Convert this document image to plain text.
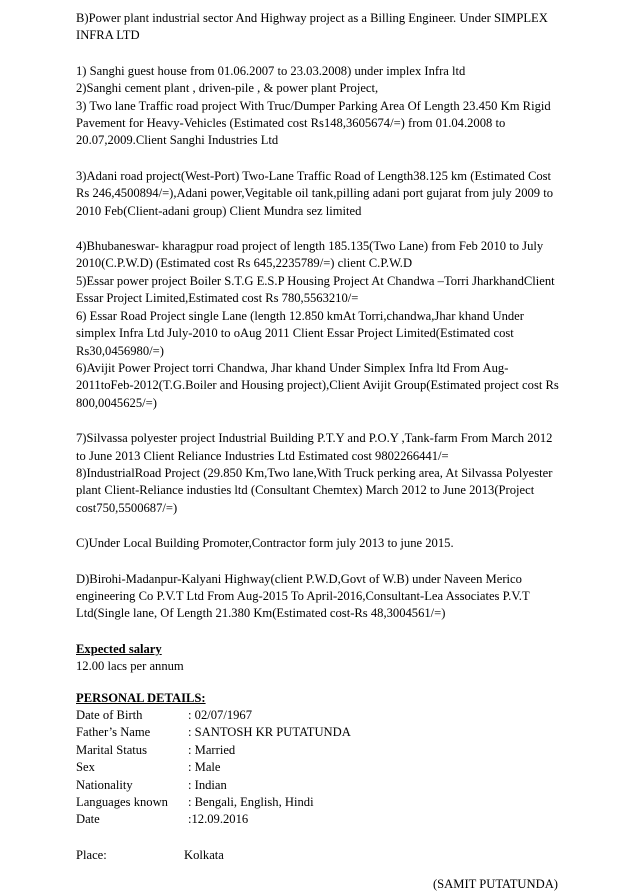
B)Power plant industrial sector And Highway project as a Billing Engineer. Under SIMPLEX INFRA LTD

1) Sanghi guest house from 01.06.2007 to 23.03.2008) under implex Infra ltd

2)Sanghi cement plant , driven-pile , & power plant Project,

3) Two lane Traffic road project With Truc/Dumper Parking Area Of Length 23.450 Km Rigid Pavement for Heavy-Vehicles (Estimated cost Rs148,3605674/=) from 01.04.2008 to 20.07,2009.Client Sanghi Industries Ltd

3)Adani road project(West-Port) Two-Lane Traffic Road of Length38.125 km (Estimated Cost Rs 246,4500894/=),Adani power,Vegitable oil tank,pilling adani port gujarat from july 2009 to 2010 Feb(Client-adani group) Client Mundra sez limited

4)Bhubaneswar- kharagpur road project of length 185.135(Two Lane) from Feb 2010 to July 2010(C.P.W.D) (Estimated cost Rs 645,2235789/=) client C.P.W.D

5)Essar power project Boiler S.T.G E.S.P Housing Project At Chandwa –Torri JharkhandClient Essar Project Limited,Estimated cost Rs 780,5563210/=

6) Essar Road Project single Lane (length 12.850 kmAt Torri,chandwa,Jhar khand Under simplex Infra Ltd July-2010 to oAug 2011 Client Essar Project Limited(Estimated cost Rs30,0456980/=)

6)Avijit Power Project torri Chandwa, Jhar khand Under Simplex Infra ltd From Aug-2011toFeb-2012(T.G.Boiler and Housing project),Client Avijit Group(Estimated project cost Rs 800,0045625/=)

7)Silvassa polyester project Industrial Building P.T.Y and P.O.Y ,Tank-farm From March 2012 to June 2013 Client Reliance Industries Ltd Estimated cost 9802266441/=

8)IndustrialRoad Project (29.850 Km,Two lane,With Truck perking area, At Silvassa Polyester plant Client-Reliance industies ltd (Consultant Chemtex) March 2012 to June 2013(Project cost750,5500687/=)

C)Under Local Building Promoter,Contractor form july 2013 to june 2015.

D)Birohi-Madanpur-Kalyani Highway(client P.W.D,Govt of W.B) under Naveen Merico engineering Co P.V.T Ltd From Aug-2015 To April-2016,Consultant-Lea Associates P.V.T Ltd(Single lane, Of Length 21.380 Km(Estimated cost-Rs 48,3004561/=)

Expected salary

12.00 lacs per annum

PERSONAL DETAILS:

Date of Birth	: 02/07/1967
Father’s Name	: SANTOSH KR PUTATUNDA
Marital Status	: Married
Sex	: Male
Nationality	: Indian
Languages known	: Bengali, English, Hindi
Date	:12.09.2016
Place:	Kolkata

(SAMIT PUTATUNDA)
